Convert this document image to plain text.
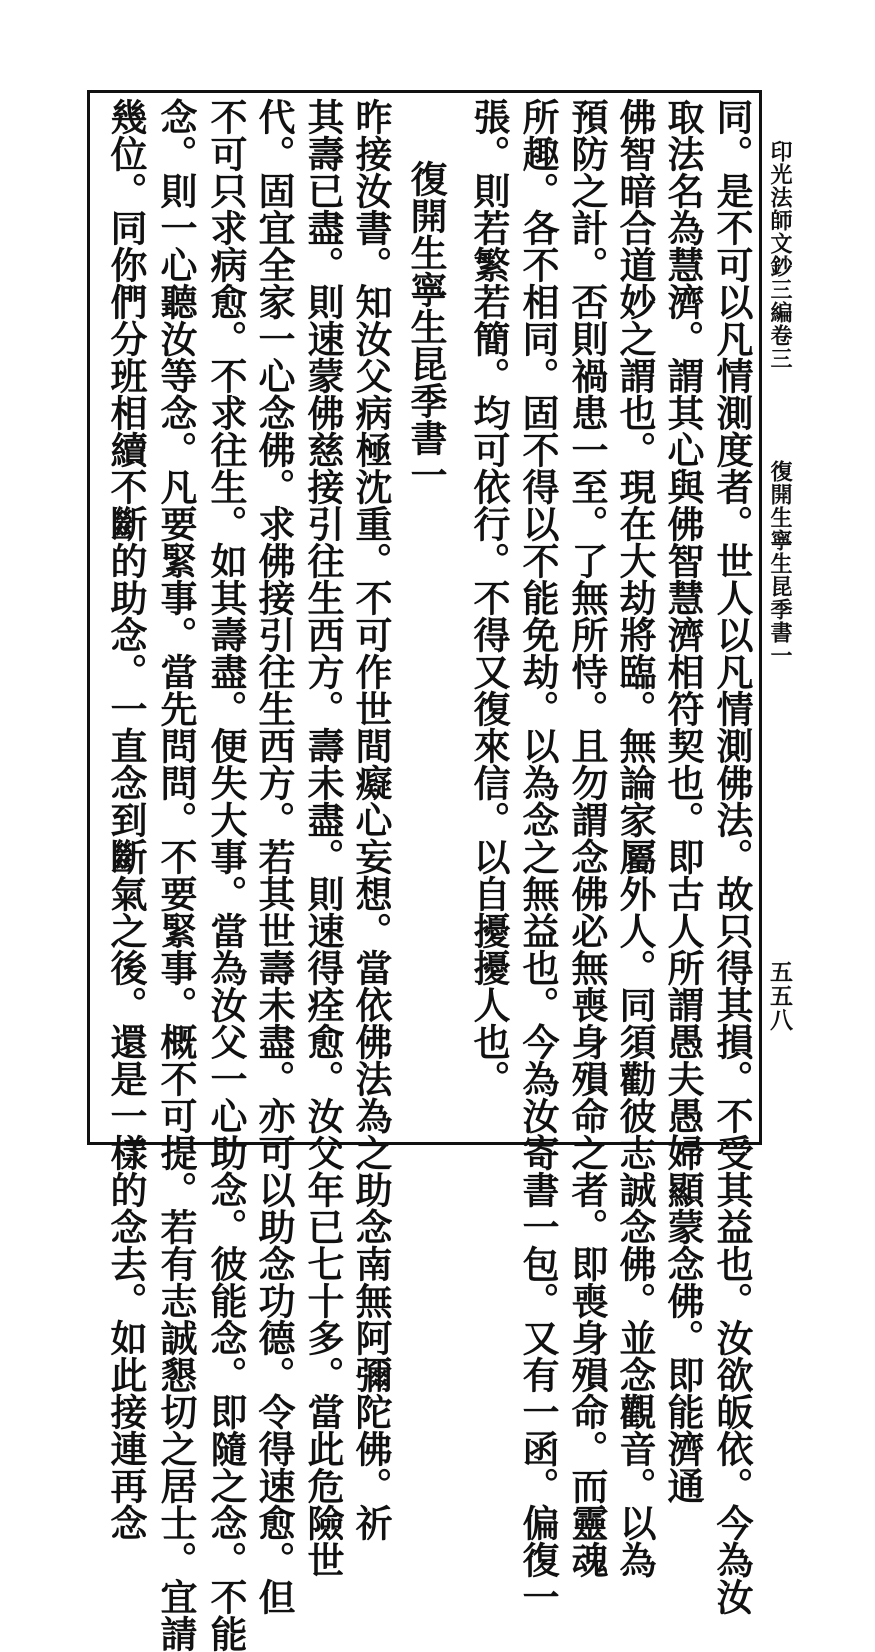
印光法師文鈔三編卷三
復開生寧生昆季書一
五五八
同。是不可以凡情測度者。世人以凡情測佛法。故只得其損。不受其益也。汝欲皈依。今為汝
取法名為慧濟。謂其心與佛智慧濟相符契也。即古人所謂愚夫愚婦顯蒙念佛。即能濟通
佛智暗合道妙之謂也。現在大劫將臨。無論家屬外人。同須勸彼志誠念佛。並念觀音。以為
預防之計。否則禍患一至。了無所恃。且勿謂念佛必無喪身殞命之者。即喪身殞命。而靈魂
所趣。各不相同。固不得以不能免劫。以為念之無益也。今為汝寄書一包。又有一函。偏復一
張。則若繁若簡。均可依行。不得又復來信。以自擾擾人也。
復開生寧生昆季書一
昨接汝書。知汝父病極沈重。不可作世間癡心妄想。當依佛法為之助念南無阿彌陀佛。祈
其壽已盡。則速蒙佛慈接引往生西方。壽未盡。則速得痊愈。汝父年已七十多。當此危險世
代。固宜全家一心念佛。求佛接引往生西方。若其世壽未盡。亦可以助念功德。令得速愈。但
不可只求病愈。不求往生。如其壽盡。便失大事。當為汝父一心助念。彼能念。即隨之念。不能
念。則一心聽汝等念。凡要緊事。當先問問。不要緊事。概不可提。若有志誠懇切之居士。宜請
幾位。同你們分班相續不斷的助念。一直念到斷氣之後。還是一樣的念去。如此接連再念
